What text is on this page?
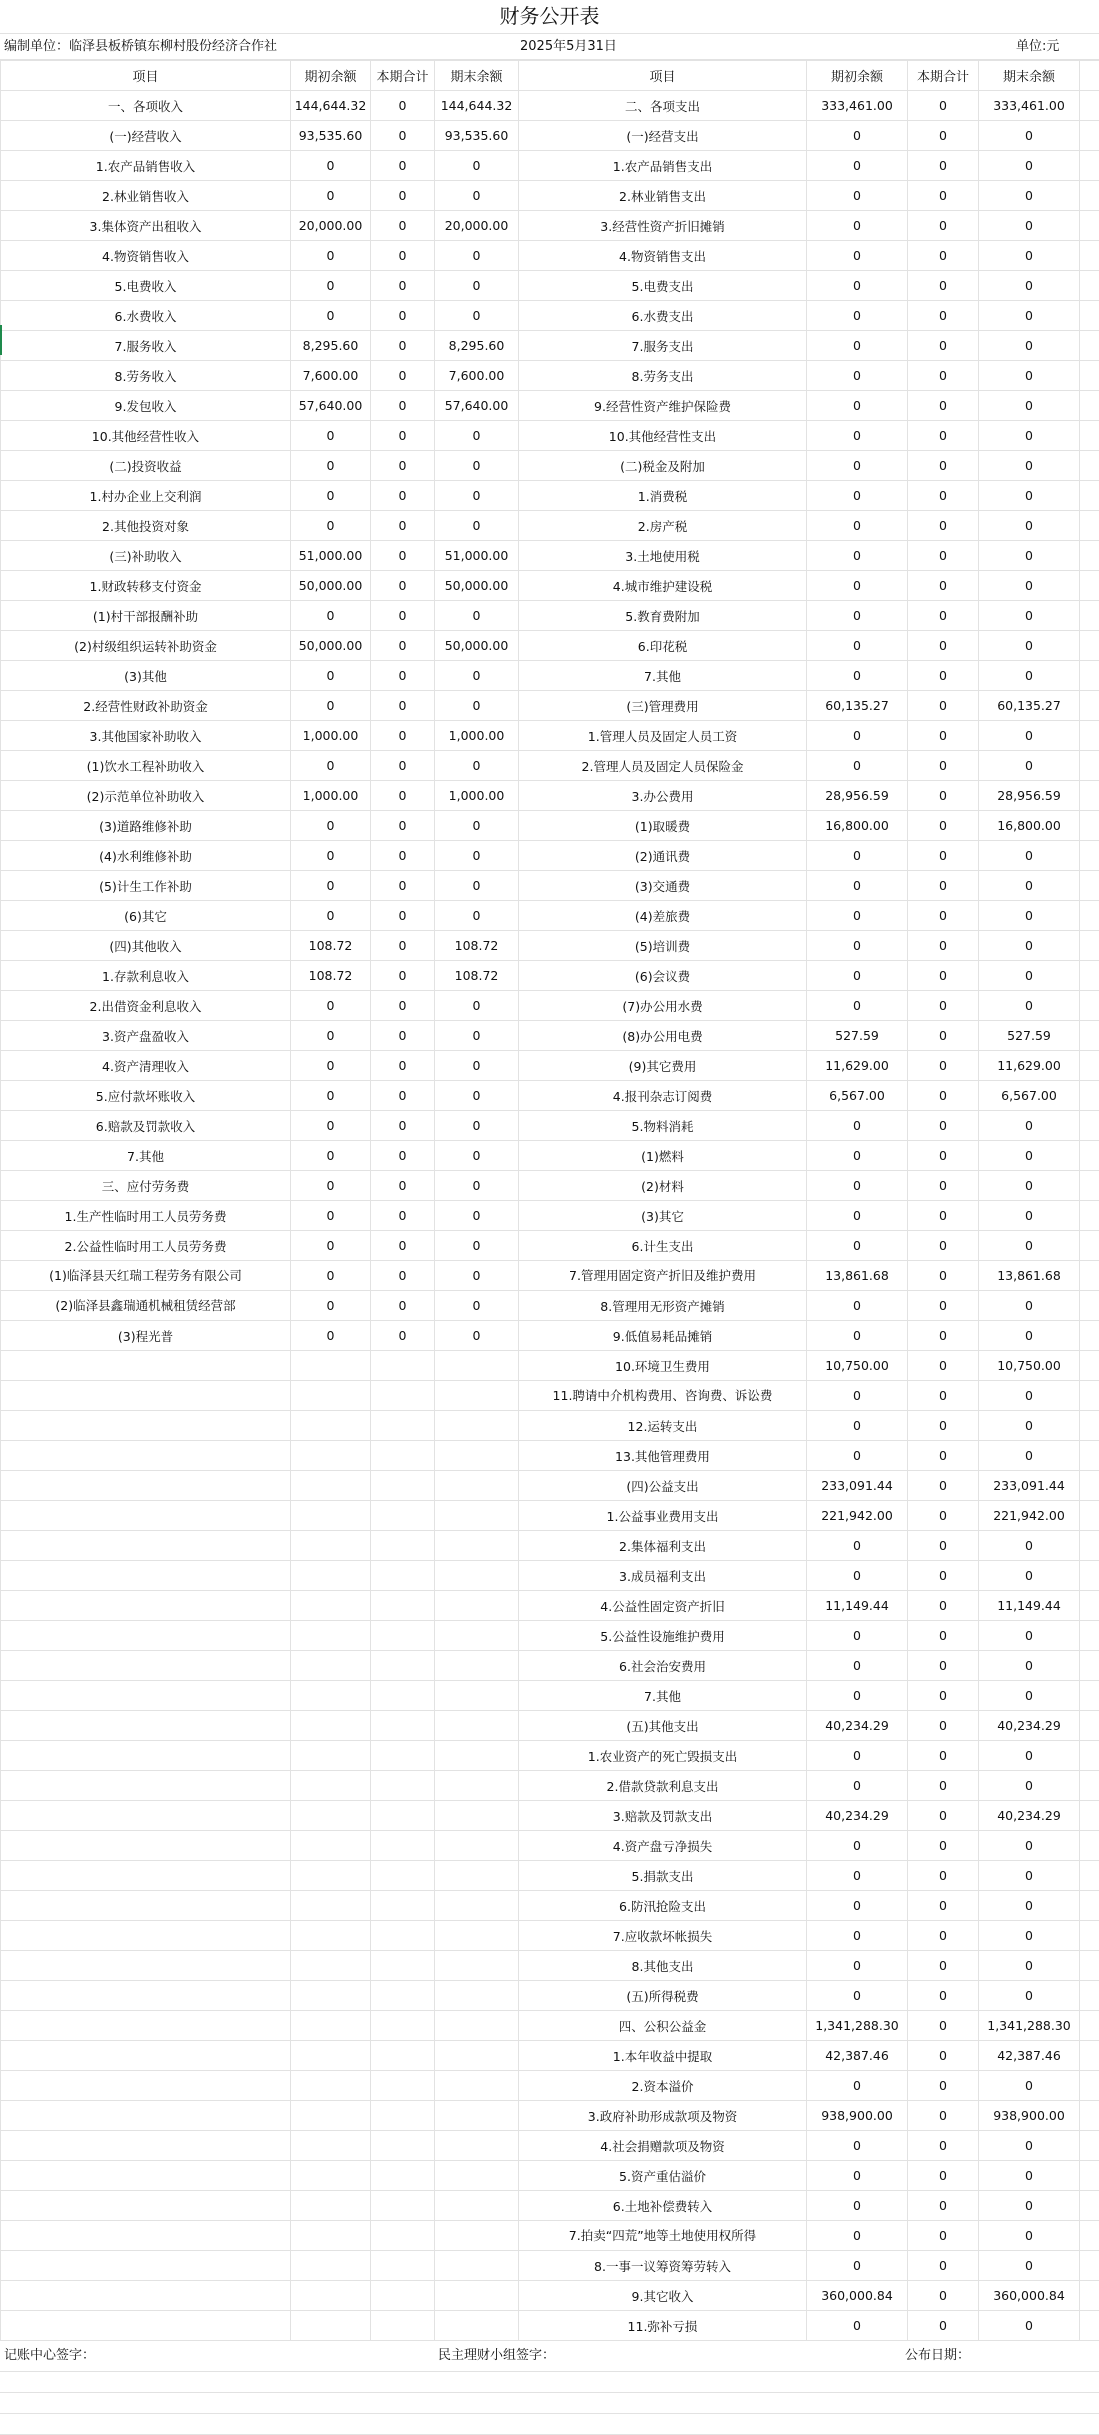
财务公开表
编制单位：临泽县板桥镇东柳村股份经济合作社	2025年5月31日	单位:元
项目	期初余额	本期合计	期末余额	项目	期初余额	本期合计	期末余额	
一、各项收入	144,644.32	0	144,644.32	二、各项支出	333,461.00	0	333,461.00	
(一)经营收入	93,535.60	0	93,535.60	(一)经营支出	0	0	0	
1.农产品销售收入	0	0	0	1.农产品销售支出	0	0	0	
2.林业销售收入	0	0	0	2.林业销售支出	0	0	0	
3.集体资产出租收入	20,000.00	0	20,000.00	3.经营性资产折旧摊销	0	0	0	
4.物资销售收入	0	0	0	4.物资销售支出	0	0	0	
5.电费收入	0	0	0	5.电费支出	0	0	0	
6.水费收入	0	0	0	6.水费支出	0	0	0	
7.服务收入	8,295.60	0	8,295.60	7.服务支出	0	0	0	
8.劳务收入	7,600.00	0	7,600.00	8.劳务支出	0	0	0	
9.发包收入	57,640.00	0	57,640.00	9.经营性资产维护保险费	0	0	0	
10.其他经营性收入	0	0	0	10.其他经营性支出	0	0	0	
(二)投资收益	0	0	0	(二)税金及附加	0	0	0	
1.村办企业上交利润	0	0	0	1.消费税	0	0	0	
2.其他投资对象	0	0	0	2.房产税	0	0	0	
(三)补助收入	51,000.00	0	51,000.00	3.土地使用税	0	0	0	
1.财政转移支付资金	50,000.00	0	50,000.00	4.城市维护建设税	0	0	0	
(1)村干部报酬补助	0	0	0	5.教育费附加	0	0	0	
(2)村级组织运转补助资金	50,000.00	0	50,000.00	6.印花税	0	0	0	
(3)其他	0	0	0	7.其他	0	0	0	
2.经营性财政补助资金	0	0	0	(三)管理费用	60,135.27	0	60,135.27	
3.其他国家补助收入	1,000.00	0	1,000.00	1.管理人员及固定人员工资	0	0	0	
(1)饮水工程补助收入	0	0	0	2.管理人员及固定人员保险金	0	0	0	
(2)示范单位补助收入	1,000.00	0	1,000.00	3.办公费用	28,956.59	0	28,956.59	
(3)道路维修补助	0	0	0	(1)取暖费	16,800.00	0	16,800.00	
(4)水利维修补助	0	0	0	(2)通讯费	0	0	0	
(5)计生工作补助	0	0	0	(3)交通费	0	0	0	
(6)其它	0	0	0	(4)差旅费	0	0	0	
(四)其他收入	108.72	0	108.72	(5)培训费	0	0	0	
1.存款利息收入	108.72	0	108.72	(6)会议费	0	0	0	
2.出借资金利息收入	0	0	0	(7)办公用水费	0	0	0	
3.资产盘盈收入	0	0	0	(8)办公用电费	527.59	0	527.59	
4.资产清理收入	0	0	0	(9)其它费用	11,629.00	0	11,629.00	
5.应付款坏账收入	0	0	0	4.报刊杂志订阅费	6,567.00	0	6,567.00	
6.赔款及罚款收入	0	0	0	5.物料消耗	0	0	0	
7.其他	0	0	0	(1)燃料	0	0	0	
三、应付劳务费	0	0	0	(2)材料	0	0	0	
1.生产性临时用工人员劳务费	0	0	0	(3)其它	0	0	0	
2.公益性临时用工人员劳务费	0	0	0	6.计生支出	0	0	0	
(1)临泽县天红瑞工程劳务有限公司	0	0	0	7.管理用固定资产折旧及维护费用	13,861.68	0	13,861.68	
(2)临泽县鑫瑞通机械租赁经营部	0	0	0	8.管理用无形资产摊销	0	0	0	
(3)程光普	0	0	0	9.低值易耗品摊销	0	0	0	
				10.环境卫生费用	10,750.00	0	10,750.00	
				11.聘请中介机构费用、咨询费、诉讼费	0	0	0	
				12.运转支出	0	0	0	
				13.其他管理费用	0	0	0	
				(四)公益支出	233,091.44	0	233,091.44	
				1.公益事业费用支出	221,942.00	0	221,942.00	
				2.集体福利支出	0	0	0	
				3.成员福利支出	0	0	0	
				4.公益性固定资产折旧	11,149.44	0	11,149.44	
				5.公益性设施维护费用	0	0	0	
				6.社会治安费用	0	0	0	
				7.其他	0	0	0	
				(五)其他支出	40,234.29	0	40,234.29	
				1.农业资产的死亡毁损支出	0	0	0	
				2.借款贷款利息支出	0	0	0	
				3.赔款及罚款支出	40,234.29	0	40,234.29	
				4.资产盘亏净损失	0	0	0	
				5.捐款支出	0	0	0	
				6.防汛抢险支出	0	0	0	
				7.应收款坏帐损失	0	0	0	
				8.其他支出	0	0	0	
				(五)所得税费	0	0	0	
				四、公积公益金	1,341,288.30	0	1,341,288.30	
				1.本年收益中提取	42,387.46	0	42,387.46	
				2.资本溢价	0	0	0	
				3.政府补助形成款项及物资	938,900.00	0	938,900.00	
				4.社会捐赠款项及物资	0	0	0	
				5.资产重估溢价	0	0	0	
				6.土地补偿费转入	0	0	0	
				7.拍卖“四荒”地等土地使用权所得	0	0	0	
				8.一事一议筹资筹劳转入	0	0	0	
				9.其它收入	360,000.84	0	360,000.84	
				11.弥补亏损	0	0	0	
记账中心签字：	民主理财小组签字：	公布日期：
